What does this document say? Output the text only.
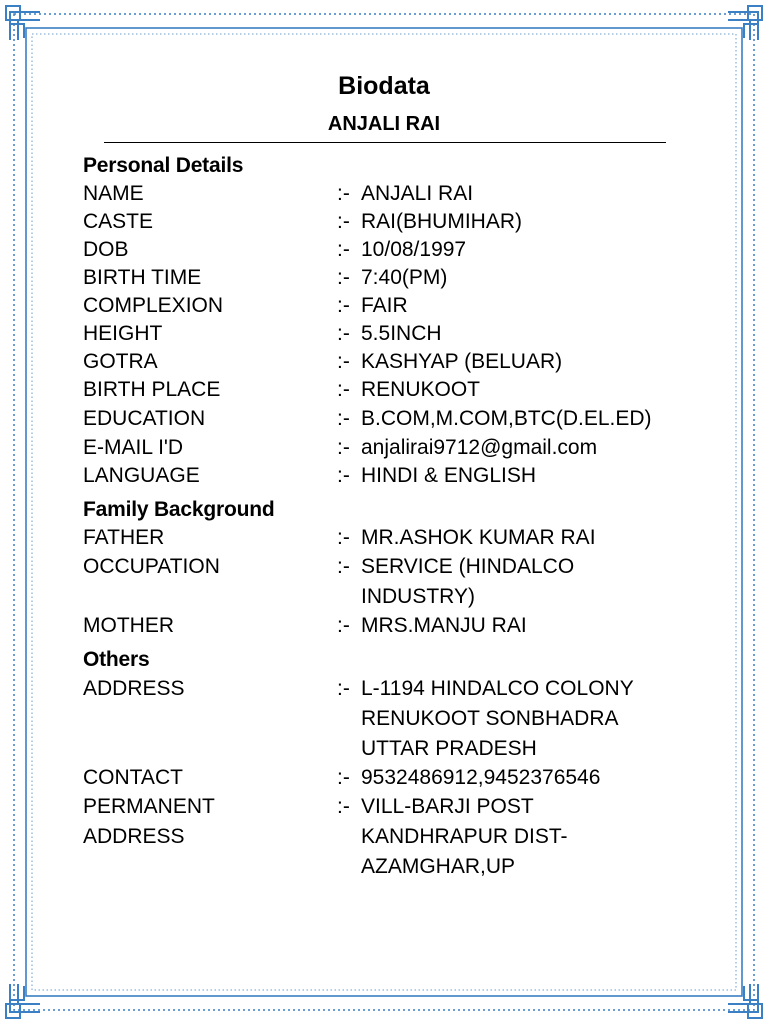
Biodata
ANJALI RAI
Personal Details
NAME	:- ANJALI RAI
CASTE	:- RAI(BHUMIHAR)
DOB	:- 10/08/1997
BIRTH TIME	:- 7:40(PM)
COMPLEXION	:- FAIR
HEIGHT	:- 5.5INCH
GOTRA	:- KASHYAP (BELUAR)
BIRTH PLACE	:- RENUKOOT
EDUCATION	:- B.COM,M.COM,BTC(D.EL.ED)
E-MAIL I'D	:- anjalirai9712@gmail.com
LANGUAGE	:- HINDI & ENGLISH
Family Background
FATHER	:- MR.ASHOK KUMAR RAI
OCCUPATION	:- SERVICE (HINDALCO INDUSTRY)
MOTHER	:- MRS.MANJU RAI
Others
ADDRESS	:- L-1194 HINDALCO COLONY RENUKOOT SONBHADRA UTTAR PRADESH
CONTACT	:- 9532486912,9452376546
PERMANENT ADDRESS
:- VILL-BARJI POST KANDHRAPUR DIST-AZAMGHAR,UP
